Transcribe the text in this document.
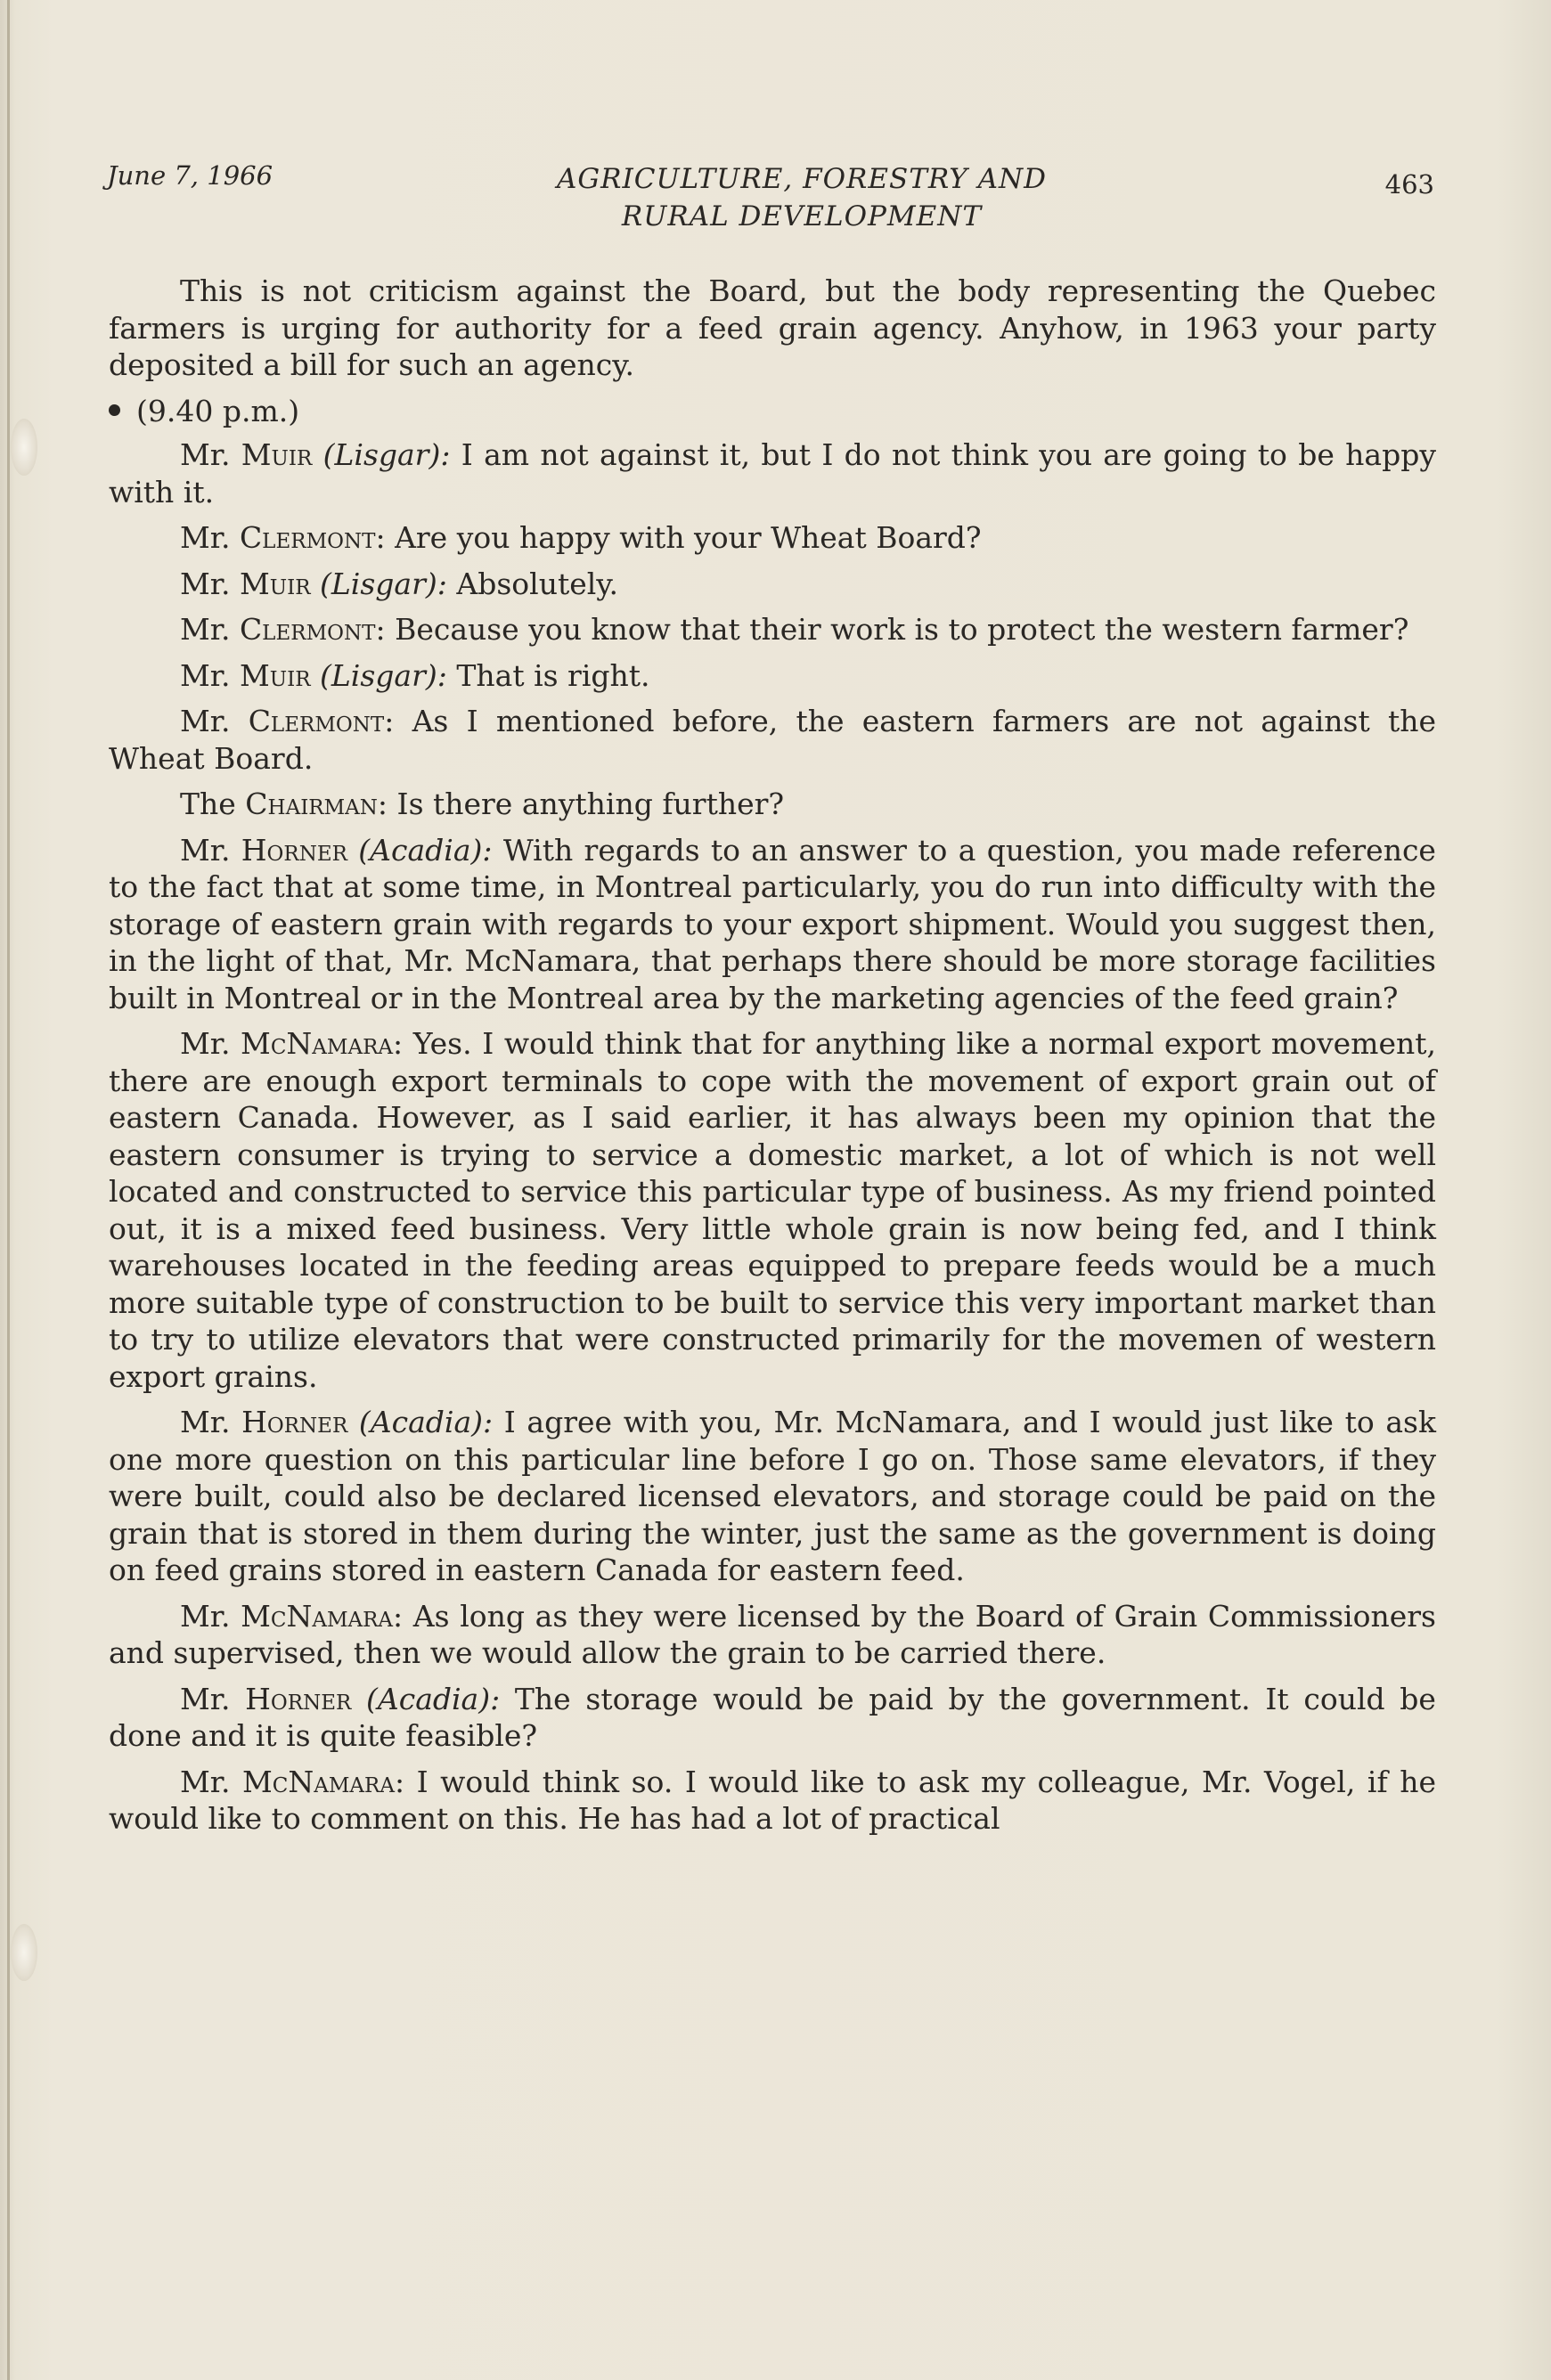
June 7, 1966	AGRICULTURE, FORESTRY AND
RURAL DEVELOPMENT
463

This is not criticism against the Board, but the body representing the Quebec farmers is urging for authority for a feed grain agency. Anyhow, in 1963 your party deposited a bill for such an agency.

(9.40 p.m.)

Mr. Muir (Lisgar): I am not against it, but I do not think you are going to be happy with it.

Mr. Clermont: Are you happy with your Wheat Board?

Mr. Muir (Lisgar): Absolutely.

Mr. Clermont: Because you know that their work is to protect the western farmer?

Mr. Muir (Lisgar): That is right.

Mr. Clermont: As I mentioned before, the eastern farmers are not against the Wheat Board.

The Chairman: Is there anything further?

Mr. Horner (Acadia): With regards to an answer to a question, you made reference to the fact that at some time, in Montreal particularly, you do run into difficulty with the storage of eastern grain with regards to your export shipment. Would you suggest then, in the light of that, Mr. McNamara, that perhaps there should be more storage facilities built in Montreal or in the Montreal area by the marketing agencies of the feed grain?

Mr. McNamara: Yes. I would think that for anything like a normal export movement, there are enough export terminals to cope with the movement of export grain out of eastern Canada. However, as I said earlier, it has always been my opinion that the eastern consumer is trying to service a domestic market, a lot of which is not well located and constructed to service this particular type of business. As my friend pointed out, it is a mixed feed business. Very little whole grain is now being fed, and I think warehouses located in the feeding areas equipped to prepare feeds would be a much more suitable type of construction to be built to service this very important market than to try to utilize elevators that were constructed primarily for the movemen of western export grains.

Mr. Horner (Acadia): I agree with you, Mr. McNamara, and I would just like to ask one more question on this particular line before I go on. Those same elevators, if they were built, could also be declared licensed elevators, and storage could be paid on the grain that is stored in them during the winter, just the same as the government is doing on feed grains stored in eastern Canada for eastern feed.

Mr. McNamara: As long as they were licensed by the Board of Grain Commissioners and supervised, then we would allow the grain to be carried there.

Mr. Horner (Acadia): The storage would be paid by the government. It could be done and it is quite feasible?

Mr. McNamara: I would think so. I would like to ask my colleague, Mr. Vogel, if he would like to comment on this. He has had a lot of practical
